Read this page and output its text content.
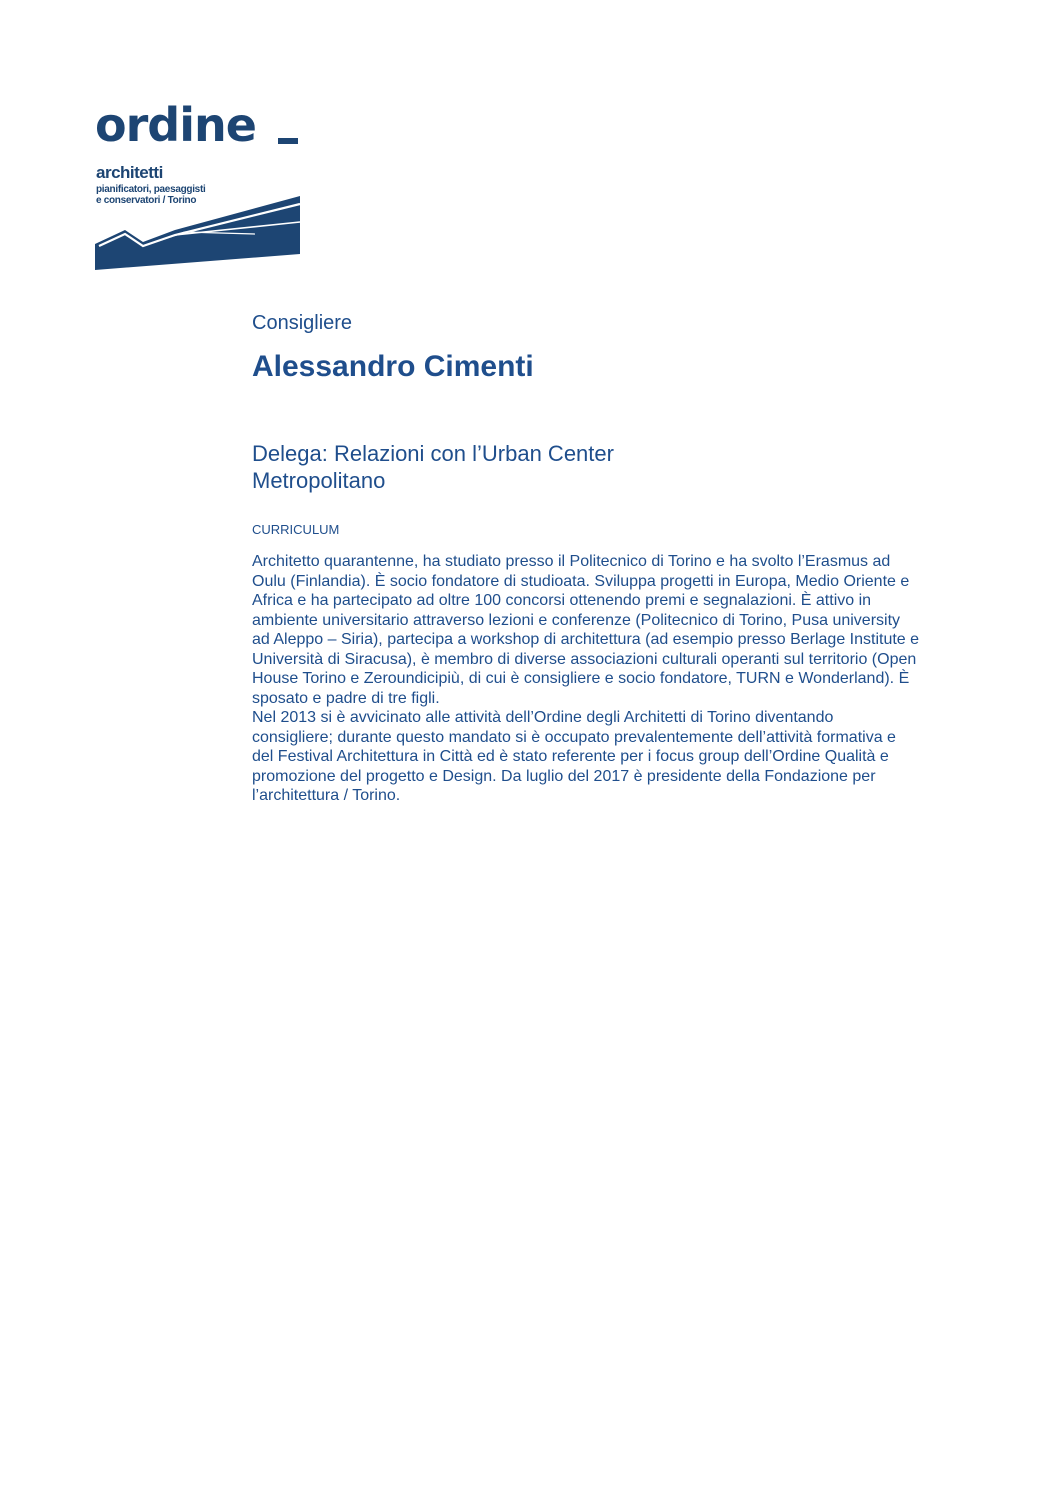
ordine
architetti
pianificatori, paesaggisti
e conservatori / Torino
Consigliere
Alessandro Cimenti
Delega: Relazioni con l’Urban Center
Metropolitano
CURRICULUM
Architetto quarantenne, ha studiato presso il Politecnico di Torino e ha svolto l’Erasmus ad
Oulu (Finlandia). È socio fondatore di studioata. Sviluppa progetti in Europa, Medio Oriente e
Africa e ha partecipato ad oltre 100 concorsi ottenendo premi e segnalazioni. È attivo in
ambiente universitario attraverso lezioni e conferenze (Politecnico di Torino, Pusa university
ad Aleppo – Siria), partecipa a workshop di architettura (ad esempio presso Berlage Institute e
Università di Siracusa), è membro di diverse associazioni culturali operanti sul territorio (Open
House Torino e Zeroundicipiù, di cui è consigliere e socio fondatore, TURN e Wonderland). È
sposato e padre di tre figli.
Nel 2013 si è avvicinato alle attività dell’Ordine degli Architetti di Torino diventando
consigliere; durante questo mandato si è occupato prevalentemente dell’attività formativa e
del Festival Architettura in Città ed è stato referente per i focus group dell’Ordine Qualità e
promozione del progetto e Design. Da luglio del 2017 è presidente della Fondazione per
l’architettura / Torino.
